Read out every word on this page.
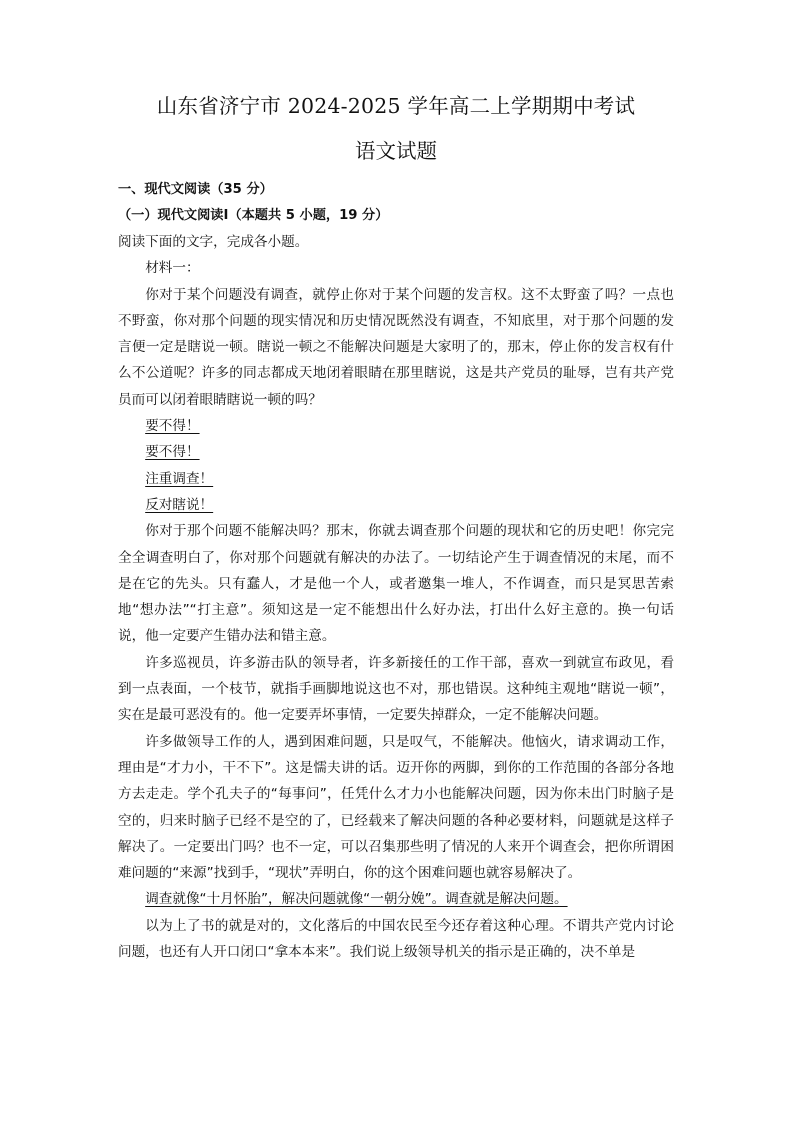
山东省济宁市 2024-2025 学年高二上学期期中考试
语文试题

一、现代文阅读（35 分）

（一）现代文阅读Ⅰ（本题共 5 小题，19 分）

阅读下面的文字，完成各小题。

材料一：

你对于某个问题没有调查，就停止你对于某个问题的发言权。这不太野蛮了吗？一点也不野蛮，你对那个问题的现实情况和历史情况既然没有调查，不知底里，对于那个问题的发言便一定是瞎说一顿。瞎说一顿之不能解决问题是大家明了的，那末，停止你的发言权有什么不公道呢？许多的同志都成天地闭着眼睛在那里瞎说，这是共产党员的耻辱，岂有共产党员而可以闭着眼睛瞎说一顿的吗？

要不得！

要不得！

注重调查！

反对瞎说！

你对于那个问题不能解决吗？那末，你就去调查那个问题的现状和它的历史吧！你完完全全调查明白了，你对那个问题就有解决的办法了。一切结论产生于调查情况的末尾，而不是在它的先头。只有蠢人，才是他一个人，或者邀集一堆人，不作调查，而只是冥思苦索地“想办法”“打主意”。须知这是一定不能想出什么好办法，打出什么好主意的。换一句话说，他一定要产生错办法和错主意。

许多巡视员，许多游击队的领导者，许多新接任的工作干部，喜欢一到就宣布政见，看到一点表面，一个枝节，就指手画脚地说这也不对，那也错误。这种纯主观地“瞎说一顿”，实在是最可恶没有的。他一定要弄坏事情，一定要失掉群众，一定不能解决问题。

许多做领导工作的人，遇到困难问题，只是叹气，不能解决。他恼火，请求调动工作，理由是“才力小，干不下”。这是懦夫讲的话。迈开你的两脚，到你的工作范围的各部分各地方去走走。学个孔夫子的“每事问”，任凭什么才力小也能解决问题，因为你未出门时脑子是空的，归来时脑子已经不是空的了，已经载来了解决问题的各种必要材料，问题就是这样子解决了。一定要出门吗？也不一定，可以召集那些明了情况的人来开个调查会，把你所谓困难问题的“来源”找到手，“现状”弄明白，你的这个困难问题也就容易解决了。

调查就像“十月怀胎”，解决问题就像“一朝分娩”。调查就是解决问题。

以为上了书的就是对的，文化落后的中国农民至今还存着这种心理。不谓共产党内讨论问题，也还有人开口闭口“拿本本来”。我们说上级领导机关的指示是正确的，决不单是
